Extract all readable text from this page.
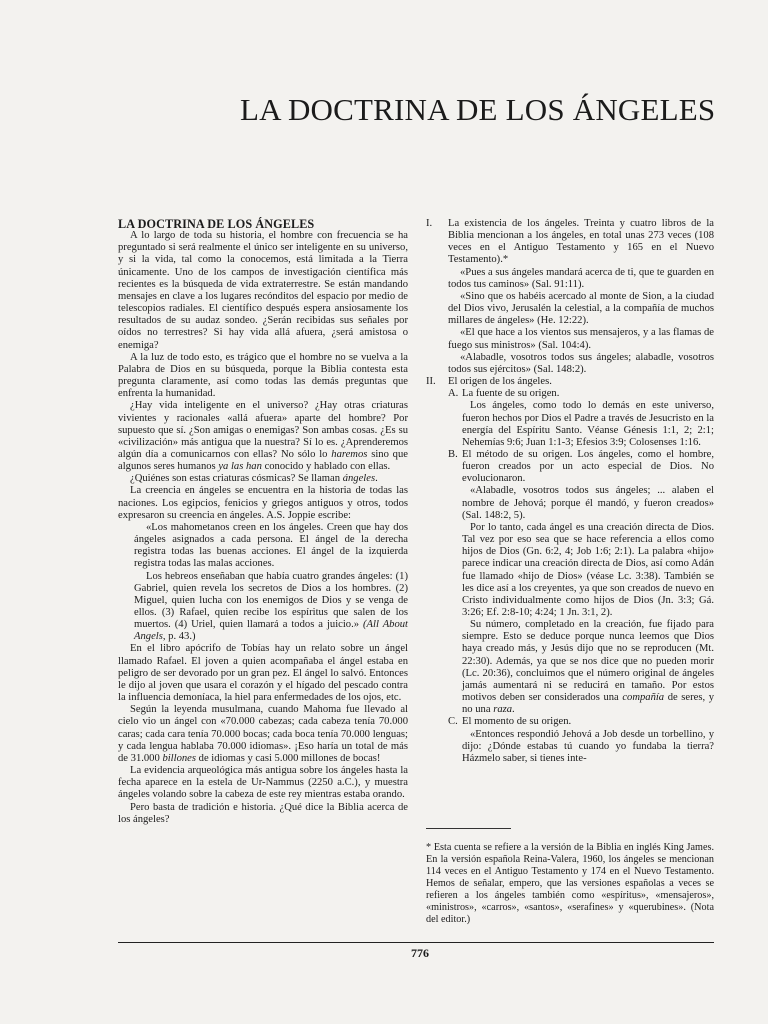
LA DOCTRINA DE LOS ÁNGELES

LA DOCTRINA DE LOS ÁNGELES

A lo largo de toda su historia, el hombre con frecuencia se ha preguntado si será realmente el único ser inteligente en su universo, y si la vida, tal como la conocemos, está limitada a la Tierra únicamente. Uno de los campos de investigación científica más recientes es la búsqueda de vida extraterrestre. Se están mandando mensajes en clave a los lugares recónditos del espacio por medio de telescopios radiales. El científico después espera ansiosamente los resultados de su audaz sondeo. ¿Serán recibidas sus señales por oídos no terrestres? Si hay vida allá afuera, ¿será amistosa o enemiga?

A la luz de todo esto, es trágico que el hombre no se vuelva a la Palabra de Dios en su búsqueda, porque la Biblia contesta esta pregunta claramente, así como todas las demás preguntas que enfrenta la humanidad.

¿Hay vida inteligente en el universo? ¿Hay otras criaturas vivientes y racionales «allá afuera» aparte del hombre? Por supuesto que sí. ¿Son amigas o enemigas? Son ambas cosas. ¿Es su «civilización» más antigua que la nuestra? Sí lo es. ¿Aprenderemos algún día a comunicarnos con ellas? No sólo lo haremos sino que algunos seres humanos ya las han conocido y hablado con ellas.

¿Quiénes son estas criaturas cósmicas? Se llaman ángeles.

La creencia en ángeles se encuentra en la historia de todas las naciones. Los egipcios, fenicios y griegos antiguos y otros, todos expresaron su creencia en ángeles. A.S. Joppie escribe:

«Los mahometanos creen en los ángeles. Creen que hay dos ángeles asignados a cada persona. El ángel de la derecha registra todas las buenas acciones. El ángel de la izquierda registra todas las malas acciones.

Los hebreos enseñaban que había cuatro grandes ángeles: (1) Gabriel, quien revela los secretos de Dios a los hombres. (2) Miguel, quien lucha con los enemigos de Dios y se venga de ellos. (3) Rafael, quien recibe los espíritus que salen de los muertos. (4) Uriel, quien llamará a todos a juicio.» (All About Angels, p. 43.)

En el libro apócrifo de Tobías hay un relato sobre un ángel llamado Rafael. El joven a quien acompañaba el ángel estaba en peligro de ser devorado por un gran pez. El ángel lo salvó. Entonces le dijo al joven que usara el corazón y el hígado del pescado contra la influencia demoníaca, la hiel para enfermedades de los ojos, etc.

Según la leyenda musulmana, cuando Mahoma fue llevado al cielo vio un ángel con «70.000 cabezas; cada cabeza tenía 70.000 caras; cada cara tenía 70.000 bocas; cada boca tenía 70.000 lenguas; y cada lengua hablaba 70.000 idiomas». ¡Eso haría un total de más de 31.000 billones de idiomas y casi 5.000 millones de bocas!

La evidencia arqueológica más antigua sobre los ángeles hasta la fecha aparece en la estela de Ur-Nammus (2250 a.C.), y muestra ángeles volando sobre la cabeza de este rey mientras estaba orando.

Pero basta de tradición e historia. ¿Qué dice la Biblia acerca de los ángeles?

I.	La existencia de los ángeles. Treinta y cuatro libros de la Biblia mencionan a los ángeles, en total unas 273 veces (108 veces en el Antiguo Testamento y 165 en el Nuevo Testamento).*

«Pues a sus ángeles mandará acerca de ti, que te guarden en todos tus caminos» (Sal. 91:11).

«Sino que os habéis acercado al monte de Sion, a la ciudad del Dios vivo, Jerusalén la celestial, a la compañía de muchos millares de ángeles» (He. 12:22).

«El que hace a los vientos sus mensajeros, y a las flamas de fuego sus ministros» (Sal. 104:4).

«Alabadle, vosotros todos sus ángeles; alabadle, vosotros todos sus ejércitos» (Sal. 148:2).

II.	El origen de los ángeles.

A. La fuente de su origen.

Los ángeles, como todo lo demás en este universo, fueron hechos por Dios el Padre a través de Jesucristo en la energía del Espíritu Santo. Véanse Génesis 1:1, 2; 2:1; Nehemías 9:6; Juan 1:1-3; Efesios 3:9; Colosenses 1:16.

B. El método de su origen. Los ángeles, como el hombre, fueron creados por un acto especial de Dios. No evolucionaron.

«Alabadle, vosotros todos sus ángeles; ... alaben el nombre de Jehová; porque él mandó, y fueron creados» (Sal. 148:2, 5).

Por lo tanto, cada ángel es una creación directa de Dios. Tal vez por eso sea que se hace referencia a ellos como hijos de Dios (Gn. 6:2, 4; Job 1:6; 2:1). La palabra «hijo» parece indicar una creación directa de Dios, así como Adán fue llamado «hijo de Dios» (véase Lc. 3:38). También se les dice así a los creyentes, ya que son creados de nuevo en Cristo individualmente como hijos de Dios (Jn. 3:3; Gá. 3:26; Ef. 2:8-10; 4:24; 1 Jn. 3:1, 2).

Su número, completado en la creación, fue fijado para siempre. Esto se deduce porque nunca leemos que Dios haya creado más, y Jesús dijo que no se reproducen (Mt. 22:30). Además, ya que se nos dice que no pueden morir (Lc. 20:36), concluimos que el número original de ángeles jamás aumentará ni se reducirá en tamaño. Por estos motivos deben ser considerados una compañía de seres, y no una raza.

C. El momento de su origen.

«Entonces respondió Jehová a Job desde un torbellino, y dijo: ¿Dónde estabas tú cuando yo fundaba la tierra? Házmelo saber, si tienes inte-

* Esta cuenta se refiere a la versión de la Biblia en inglés King James. En la versión española Reina-Valera, 1960, los ángeles se mencionan 114 veces en el Antiguo Testamento y 174 en el Nuevo Testamento. Hemos de señalar, empero, que las versiones españolas a veces se refieren a los ángeles también como «espíritus», «mensajeros», «ministros», «carros», «santos», «serafines» y «querubines». (Nota del editor.)

776
